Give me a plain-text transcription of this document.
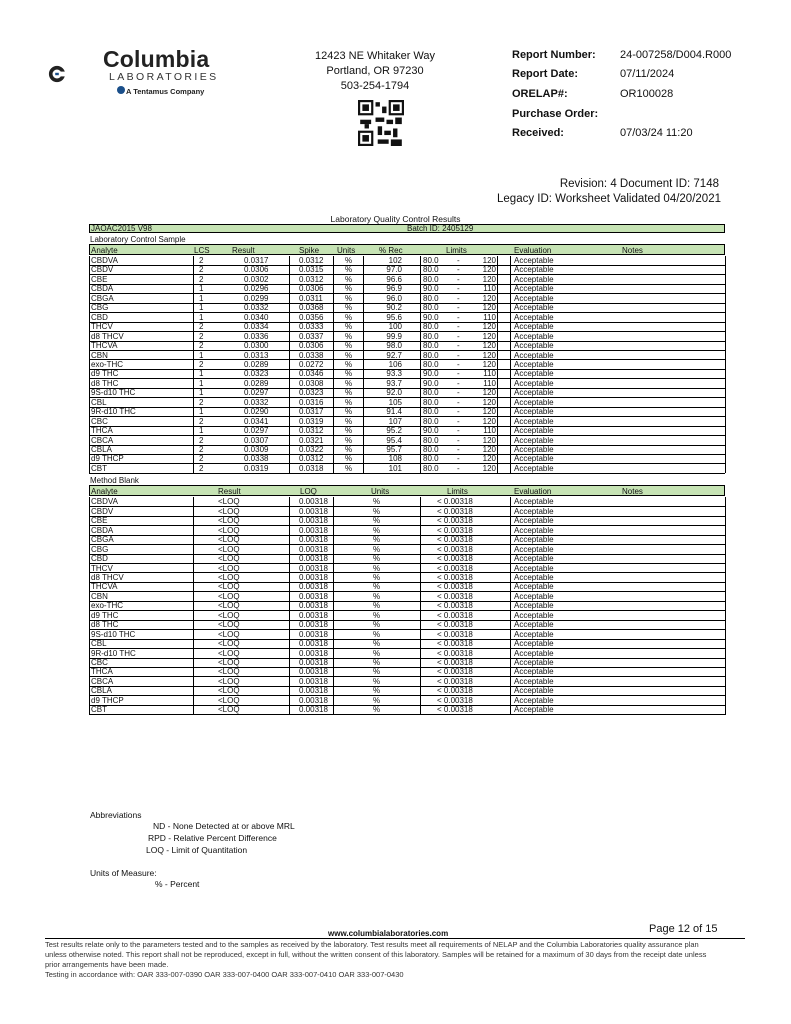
Columbia
LABORATORIES
A Tentamus Company
12423 NE Whitaker Way
Portland, OR 97230
503-254-1794
Report Number: 24-007258/D004.R000
Report Date:	07/11/2024
ORELAP#:	OR100028
Purchase Order:
Received:	07/03/24 11:20
Revision: 4 Document ID: 7148
Legacy ID: Worksheet Validated 04/20/2021
Laboratory Quality Control Results
JAOAC2015 V98	Batch ID: 2405129
Laboratory Control Sample
Analyte	LCS	Result	Spike Units	% Rec	Limits	Evaluation	Notes
CBDVA	2	0.0317	0.0312	%	102	80.0 -	120 Acceptable
CBDV	2	0.0306	0.0315	%	97.0	80.0 -	120 Acceptable
CBE	2	0.0302	0.0312	%	96.6	80.0 -	120 Acceptable
CBDA	1	0.0296	0.0306	%	96.9	90.0 -	110 Acceptable
CBGA	1	0.0299	0.0311	%	96.0	80.0 -	120 Acceptable
CBG	1	0.0332	0.0368	%	90.2	80.0 -	120 Acceptable
CBD	1	0.0340	0.0356	%	95.6	90.0 -	110 Acceptable
THCV	2	0.0334	0.0333	%	100	80.0 -	120 Acceptable
d8 THCV	2	0.0336	0.0337	%	99.9	80.0 -	120 Acceptable
THCVA	2	0.0300	0.0306	%	98.0	80.0 -	120 Acceptable
CBN	1	0.0313	0.0338	%	92.7	80.0 -	120 Acceptable
exo-THC	2	0.0289	0.0272	%	106	80.0 -	120 Acceptable
d9 THC	1	0.0323	0.0346	%	93.3	90.0 -	110 Acceptable
d8 THC	1	0.0289	0.0308	%	93.7	90.0 -	110 Acceptable
9S-d10 THC	1	0.0297	0.0323	%	92.0	80.0 -	120 Acceptable
CBL	2	0.0332	0.0316	%	105	80.0 -	120 Acceptable
9R-d10 THC	1	0.0290	0.0317	%	91.4	80.0 -	120 Acceptable
CBC	2	0.0341	0.0319	%	107	80.0 -	120 Acceptable
THCA	1	0.0297	0.0312	%	95.2	90.0 -	110 Acceptable
CBCA	2	0.0307	0.0321	%	95.4	80.0 -	120 Acceptable
CBLA	2	0.0309	0.0322	%	95.7	80.0 -	120 Acceptable
d9 THCP	2	0.0338	0.0312	%	108	80.0 -	120 Acceptable
CBT	2	0.0319	0.0318	%	101	80.0 -	120 Acceptable
Method Blank
Analyte	Result	LOQ	Units	Limits	Evaluation	Notes
CBDVA	<LOQ	0.00318	%	< 0.00318	Acceptable
CBDV	<LOQ	0.00318	%	< 0.00318	Acceptable
CBE	<LOQ	0.00318	%	< 0.00318	Acceptable
CBDA	<LOQ	0.00318	%	< 0.00318	Acceptable
CBGA	<LOQ	0.00318	%	< 0.00318	Acceptable
CBG	<LOQ	0.00318	%	< 0.00318	Acceptable
CBD	<LOQ	0.00318	%	< 0.00318	Acceptable
THCV	<LOQ	0.00318	%	< 0.00318	Acceptable
d8 THCV	<LOQ	0.00318	%	< 0.00318	Acceptable
THCVA	<LOQ	0.00318	%	< 0.00318	Acceptable
CBN	<LOQ	0.00318	%	< 0.00318	Acceptable
exo-THC	<LOQ	0.00318	%	< 0.00318	Acceptable
d9 THC	<LOQ	0.00318	%	< 0.00318	Acceptable
d8 THC	<LOQ	0.00318	%	< 0.00318	Acceptable
9S-d10 THC	<LOQ	0.00318	%	< 0.00318	Acceptable
CBL	<LOQ	0.00318	%	< 0.00318	Acceptable
9R-d10 THC	<LOQ	0.00318	%	< 0.00318	Acceptable
CBC	<LOQ	0.00318	%	< 0.00318	Acceptable
THCA	<LOQ	0.00318	%	< 0.00318	Acceptable
CBCA	<LOQ	0.00318	%	< 0.00318	Acceptable
CBLA	<LOQ	0.00318	%	< 0.00318	Acceptable
d9 THCP	<LOQ	0.00318	%	< 0.00318	Acceptable
CBT	<LOQ	0.00318	%	< 0.00318	Acceptable
Abbreviations
ND - None Detected at or above MRL
RPD - Relative Percent Difference
LOQ - Limit of Quantitation
Units of Measure:
% - Percent
www.columbialaboratories.com	Page 12 of 15
Test results relate only to the parameters tested and to the samples as received by the laboratory. Test results meet all requirements of NELAP and the Columbia Laboratories quality assurance plan
unless otherwise noted. This report shall not be reproduced, except in full, without the written consent of this laboratory. Samples will be retained for a maximum of 30 days from the receipt date unless
prior arrangements have been made.
Testing in accordance with: OAR 333-007-0390 OAR 333-007-0400 OAR 333-007-0410 OAR 333-007-0430
